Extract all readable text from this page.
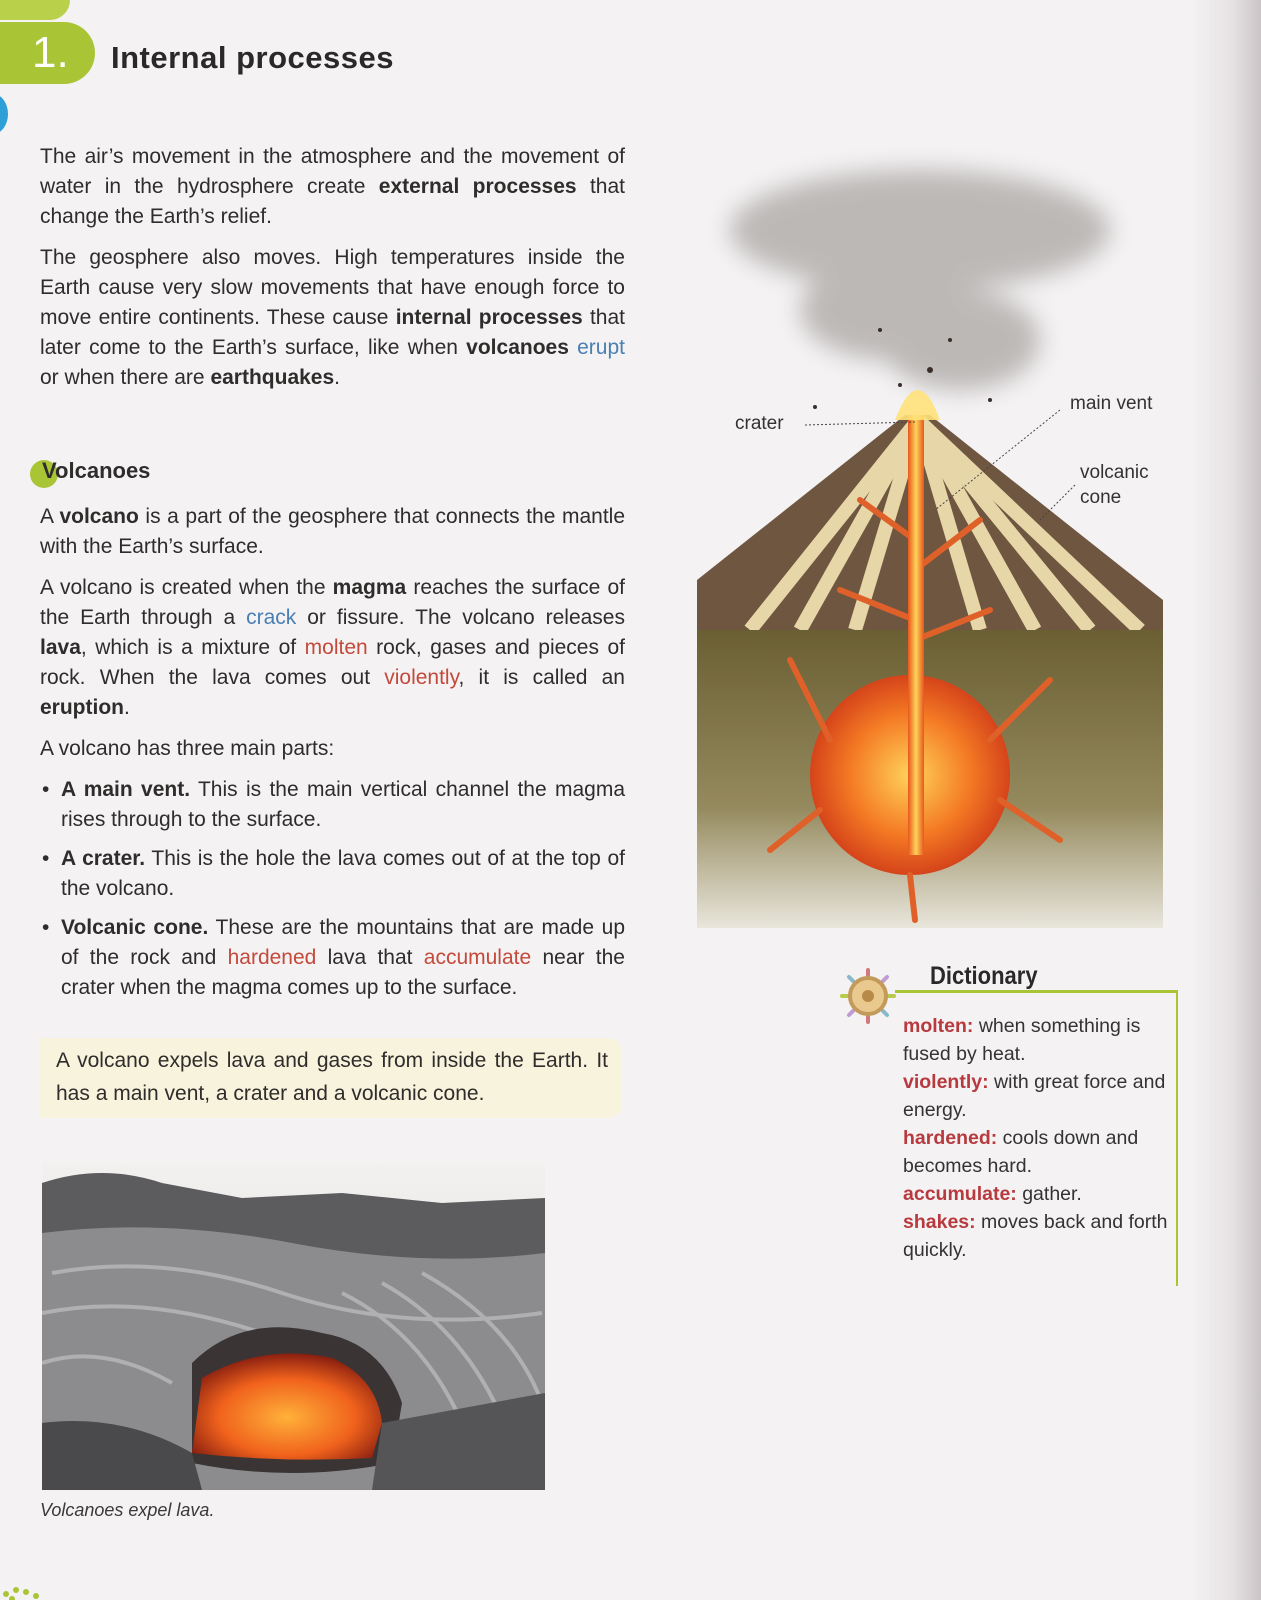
1. Internal processes

The air’s movement in the atmosphere and the movement of water in the hydrosphere create external processes that change the Earth’s relief.

The geosphere also moves. High temperatures inside the Earth cause very slow movements that have enough force to move entire continents. These cause internal processes that later come to the Earth’s surface, like when volcanoes erupt or when there are earthquakes.

Volcanoes

A volcano is a part of the geosphere that connects the mantle with the Earth’s surface.

A volcano is created when the magma reaches the surface of the Earth through a crack or fissure. The volcano releases lava, which is a mixture of molten rock, gases and pieces of rock. When the lava comes out violently, it is called an eruption.

A volcano has three main parts:

• A main vent. This is the main vertical channel the magma rises through to the surface.
• A crater. This is the hole the lava comes out of at the top of the volcano.
• Volcanic cone. These are the mountains that are made up of the rock and hardened lava that accumulate near the crater when the magma comes up to the surface.
A volcano expels lava and gases from inside the Earth. It has a main vent, a crater and a volcanic cone.
Volcanoes expel lava.
crater
main vent
volcanic
cone
Dictionary
molten: when something is fused by heat.
violently: with great force and energy.
hardened: cools down and becomes hard.
accumulate: gather.
shakes: moves back and forth quickly.
